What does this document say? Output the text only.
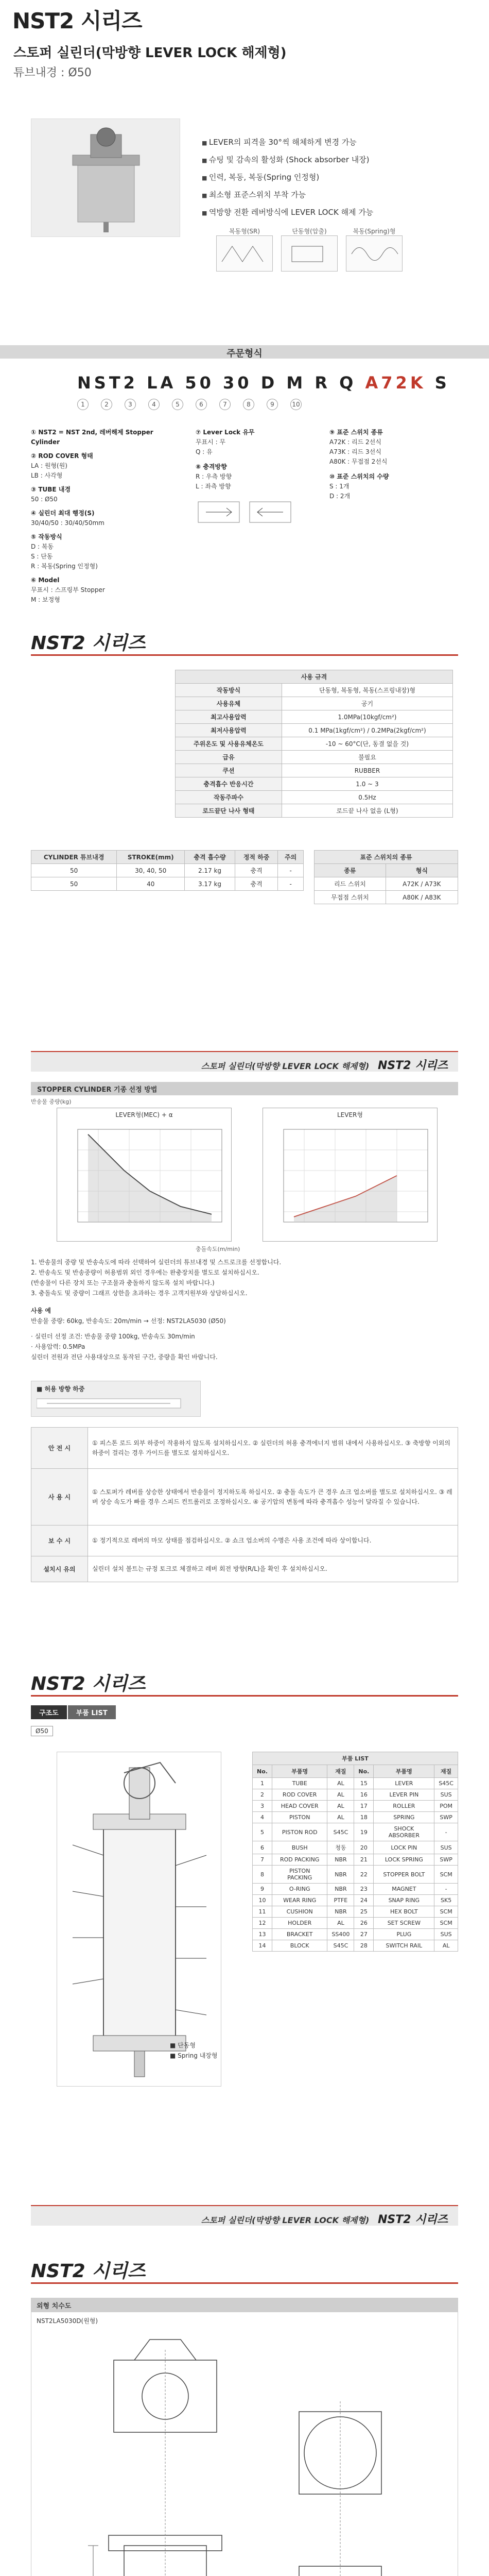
NST2 시리즈
스토퍼 실린더(막방향 LEVER LOCK 해제형)
튜브내경 : Ø50
■ LEVER의 피격을 30°씩 해체하게 변경 가능
■ 슈팅 및 감속의 활성화 (Shock absorber 내장)
■ 인력, 복동, 복동(Spring 인정형)
■ 최소형 표준스위치 부착 가능
■ 역방향 전환 레버방식에 LEVER LOCK 해제 가능
복동형(SR)	단동형(압출)	복동(Spring)형
주문형식
NST2 LA 50 30 D M R Q A72K S
1	2	3	4	5	6	7	8	9	10
① NST2 = NST 2nd, 레버해제 Stopper Cylinder
② ROD COVER 형태
LA : 원형(원)
LB : 사각형
③ TUBE 내경
50 : Ø50
④ 실린더 최대 행정(S)
30/40/50 : 30/40/50mm
⑤ 작동방식
D : 복동
S : 단동
R : 복동(Spring 인정형)
⑥ Model
무표시 : 스프링부 Stopper
M : 보정형
⑦ Lever Lock 유무
무표시 : 무
Q : 유
⑧ 충격방향
R : 우측 방향
L : 좌측 방향
⑨ 표준 스위치 종류
A72K : 리드 2선식
A73K : 리드 3선식
A80K : 무접점 2선식
⑩ 표준 스위치의 수량
S : 1개
D : 2개
NST2 시리즈
사용 규격	
작동방식	단동형, 복동형, 복동(스프링내장)형
사용유체	공기
최고사용압력	1.0MPa(10kgf/cm²)
최저사용압력	0.1 MPa(1kgf/cm²) / 0.2MPa(2kgf/cm²)
주위온도 및 사용유체온도	-10 ~ 60°C(단, 동결 없을 것)
급유	불필요
쿠션	RUBBER
충격흡수 반응시간	1.0 ~ 3
작동주파수	0.5Hz
로드끝단 나사 형태	로드끝 나사 없음 (L형)
CYLINDER 튜브내경	STROKE(mm)	충격 흡수량	정적 하중	주의
50	30, 40, 50	2.17 kg	충격	-
50	40	3.17 kg	충격	-
표준 스위치의 종류	
종류	형식
리드 스위치	A72K / A73K
무접점 스위치	A80K / A83K
스토퍼 실린더(막방향 LEVER LOCK 해제형) NST2 시리즈
STOPPER CYLINDER 기종 선정 방법
LEVER형(MEC) + α	LEVER형
충돌속도(m/min)
반송물 중량(kg)
1. 반송물의 중량 및 반송속도에 따라 선택하여 실린더의 튜브내경 및 스트로크를 선정합니다.
2. 반송속도 및 반송중량이 허용범위 외인 경우에는 완충장치를 별도로 설치하십시오.
(반송물이 다른 장치 또는 구조물과 충돌하지 않도록 설치 바랍니다.)
3. 충돌속도 및 중량이 그래프 상한을 초과하는 경우 고객지원부와 상담하십시오.
사용 예
반송물 중량: 60kg, 반송속도: 20m/min → 선정: NST2LA5030 (Ø50)
· 실린더 선정 조건: 반송물 중량 100kg, 반송속도 30m/min
· 사용압력: 0.5MPa
실린더 전원과 전단 사용대상으로 동작된 구간, 중량을 확인 바랍니다.
■ 허용 방향 하중
안 전 시	① 피스톤 로드 외부 하중이 작용하지 않도록 설치하십시오. ② 실린더의 허용 충격에너지 범위 내에서 사용하십시오. ③ 축방향 이외의 하중이 걸리는 경우 가이드를 별도로 설치하십시오.
사 용 시	① 스토퍼가 레버를 상승한 상태에서 반송물이 정지하도록 하십시오. ② 충돌 속도가 큰 경우 쇼크 업소버를 별도로 설치하십시오. ③ 레버 상승 속도가 빠를 경우 스피드 컨트롤러로 조정하십시오. ④ 공기압의 변동에 따라 충격흡수 성능이 달라질 수 있습니다.
보 수 시	① 정기적으로 레버의 마모 상태를 점검하십시오. ② 쇼크 업소버의 수명은 사용 조건에 따라 상이합니다.
설치시 유의	실린더 설치 볼트는 규정 토크로 체결하고 레버 회전 방향(R/L)을 확인 후 설치하십시오.
NST2 시리즈
구조도	부품 LIST
Ø50
■ 단동형
■ Spring 내장형
부품 LIST					
No.	부품명	재질	No.	부품명	재질
1	TUBE	AL	15	LEVER	S45C
2	ROD COVER	AL	16	LEVER PIN	SUS
3	HEAD COVER	AL	17	ROLLER	POM
4	PISTON	AL	18	SPRING	SWP
5	PISTON ROD	S45C	19	SHOCK ABSORBER	-
6	BUSH	청동	20	LOCK PIN	SUS
7	ROD PACKING	NBR	21	LOCK SPRING	SWP
8	PISTON PACKING	NBR	22	STOPPER BOLT	SCM
9	O-RING	NBR	23	MAGNET	-
10	WEAR RING	PTFE	24	SNAP RING	SK5
11	CUSHION	NBR	25	HEX BOLT	SCM
12	HOLDER	AL	26	SET SCREW	SCM
13	BRACKET	SS400	27	PLUG	SUS
14	BLOCK	S45C	28	SWITCH RAIL	AL
스토퍼 실린더(막방향 LEVER LOCK 해제형) NST2 시리즈
NST2 시리즈
외형 치수도
NST2LA5030D(원형)
